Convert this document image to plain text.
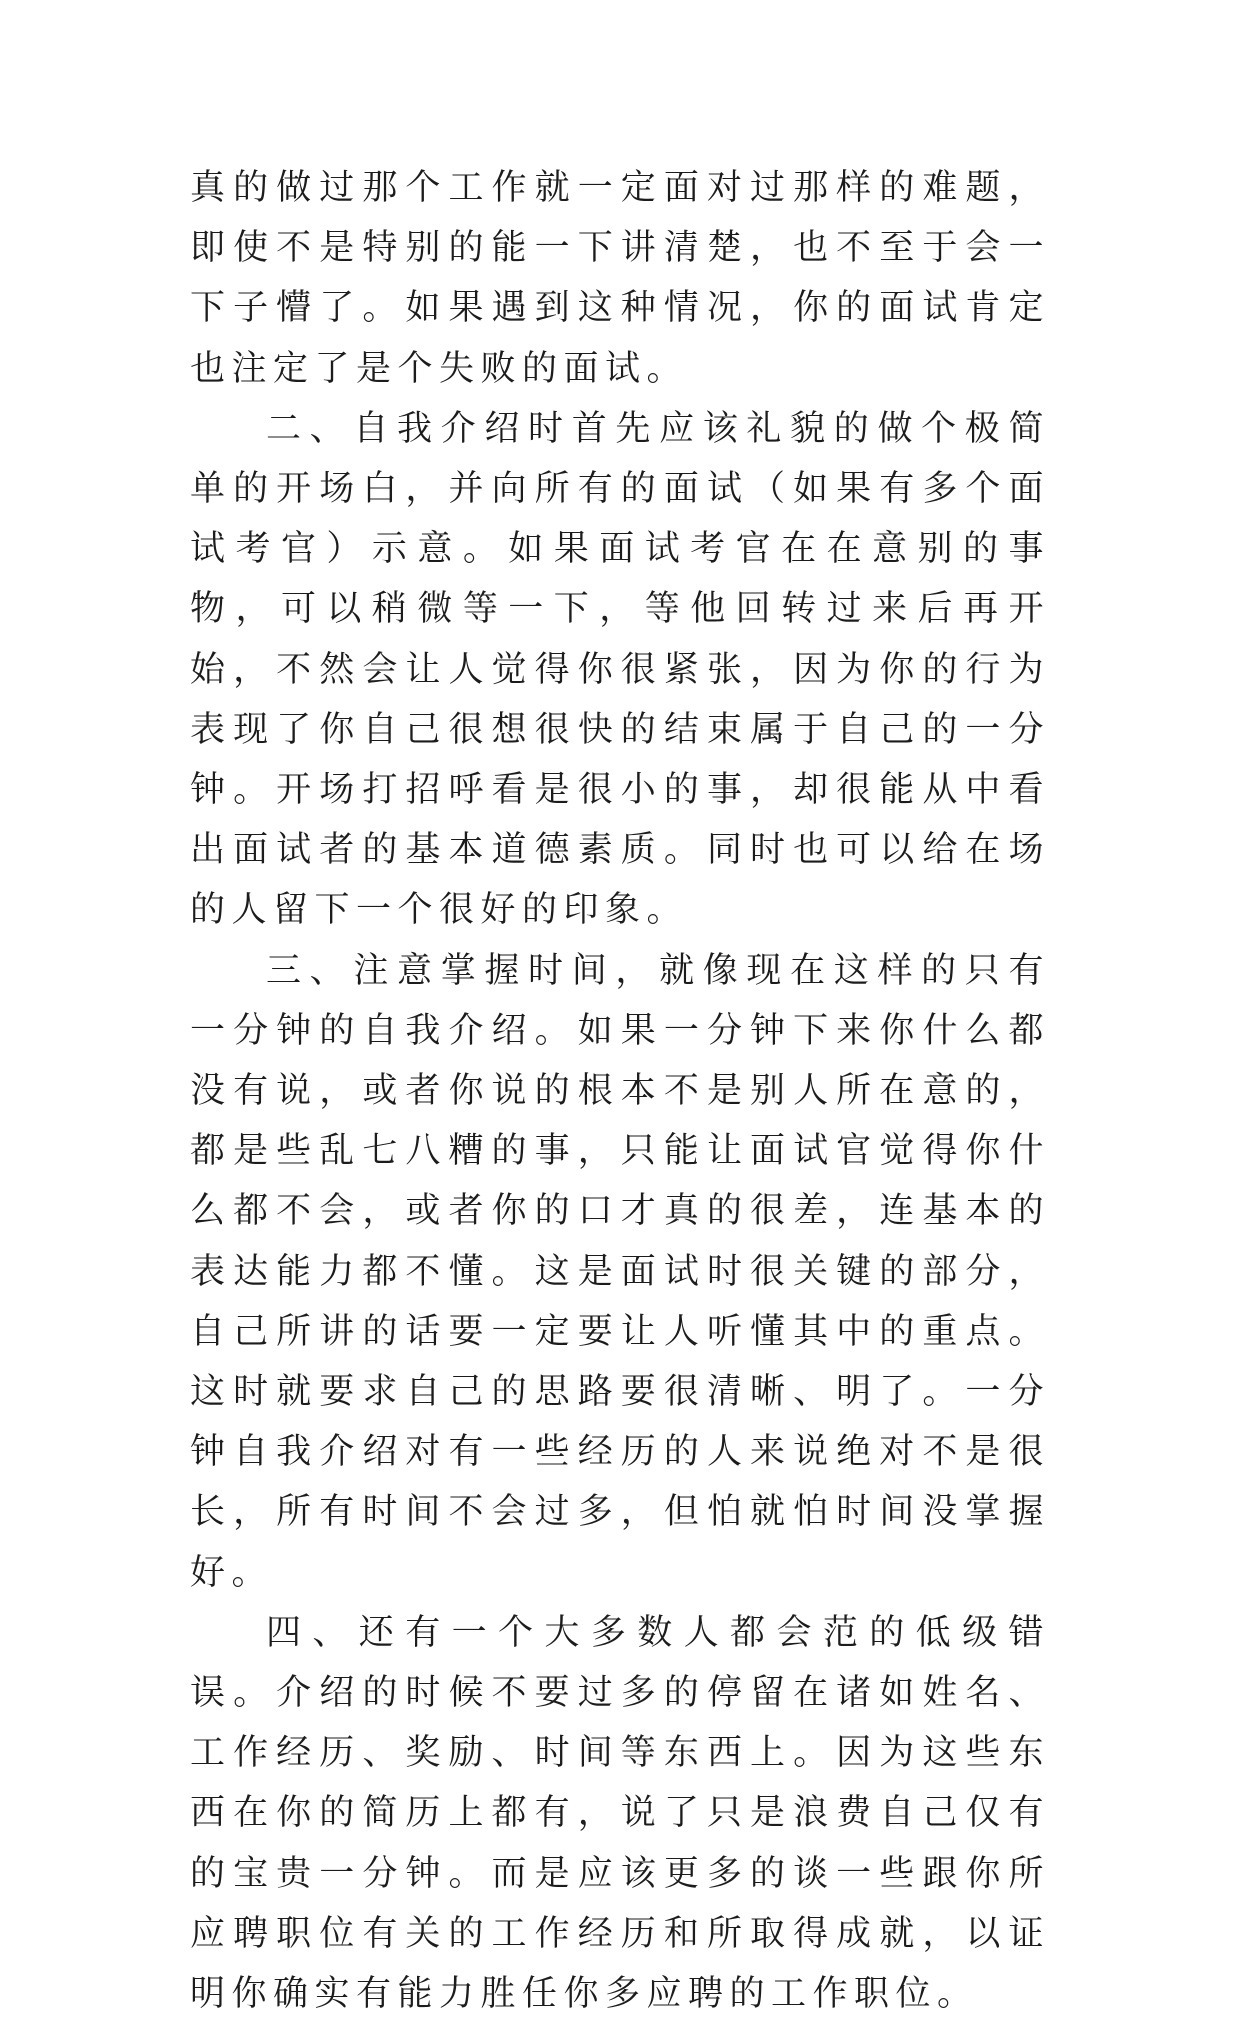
真的做过那个工作就一定面对过那样的难题，即使不是特别的能一下讲清楚，也不至于会一下子懵了。如果遇到这种情况，你的面试肯定也注定了是个失败的面试。

二、自我介绍时首先应该礼貌的做个极简单的开场白，并向所有的面试（如果有多个面试考官）示意。如果面试考官在在意别的事物，可以稍微等一下，等他回转过来后再开始，不然会让人觉得你很紧张，因为你的行为表现了你自己很想很快的结束属于自己的一分钟。开场打招呼看是很小的事，却很能从中看出面试者的基本道德素质。同时也可以给在场的人留下一个很好的印象。

三、注意掌握时间，就像现在这样的只有一分钟的自我介绍。如果一分钟下来你什么都没有说，或者你说的根本不是别人所在意的，都是些乱七八糟的事，只能让面试官觉得你什么都不会，或者你的口才真的很差，连基本的表达能力都不懂。这是面试时很关键的部分，自己所讲的话要一定要让人听懂其中的重点。这时就要求自己的思路要很清晰、明了。一分钟自我介绍对有一些经历的人来说绝对不是很长，所有时间不会过多，但怕就怕时间没掌握好。

四、还有一个大多数人都会范的低级错误。介绍的时候不要过多的停留在诸如姓名、工作经历、奖励、时间等东西上。因为这些东西在你的简历上都有，说了只是浪费自己仅有的宝贵一分钟。而是应该更多的谈一些跟你所应聘职位有关的工作经历和所取得成就，以证明你确实有能力胜任你多应聘的工作职位。
